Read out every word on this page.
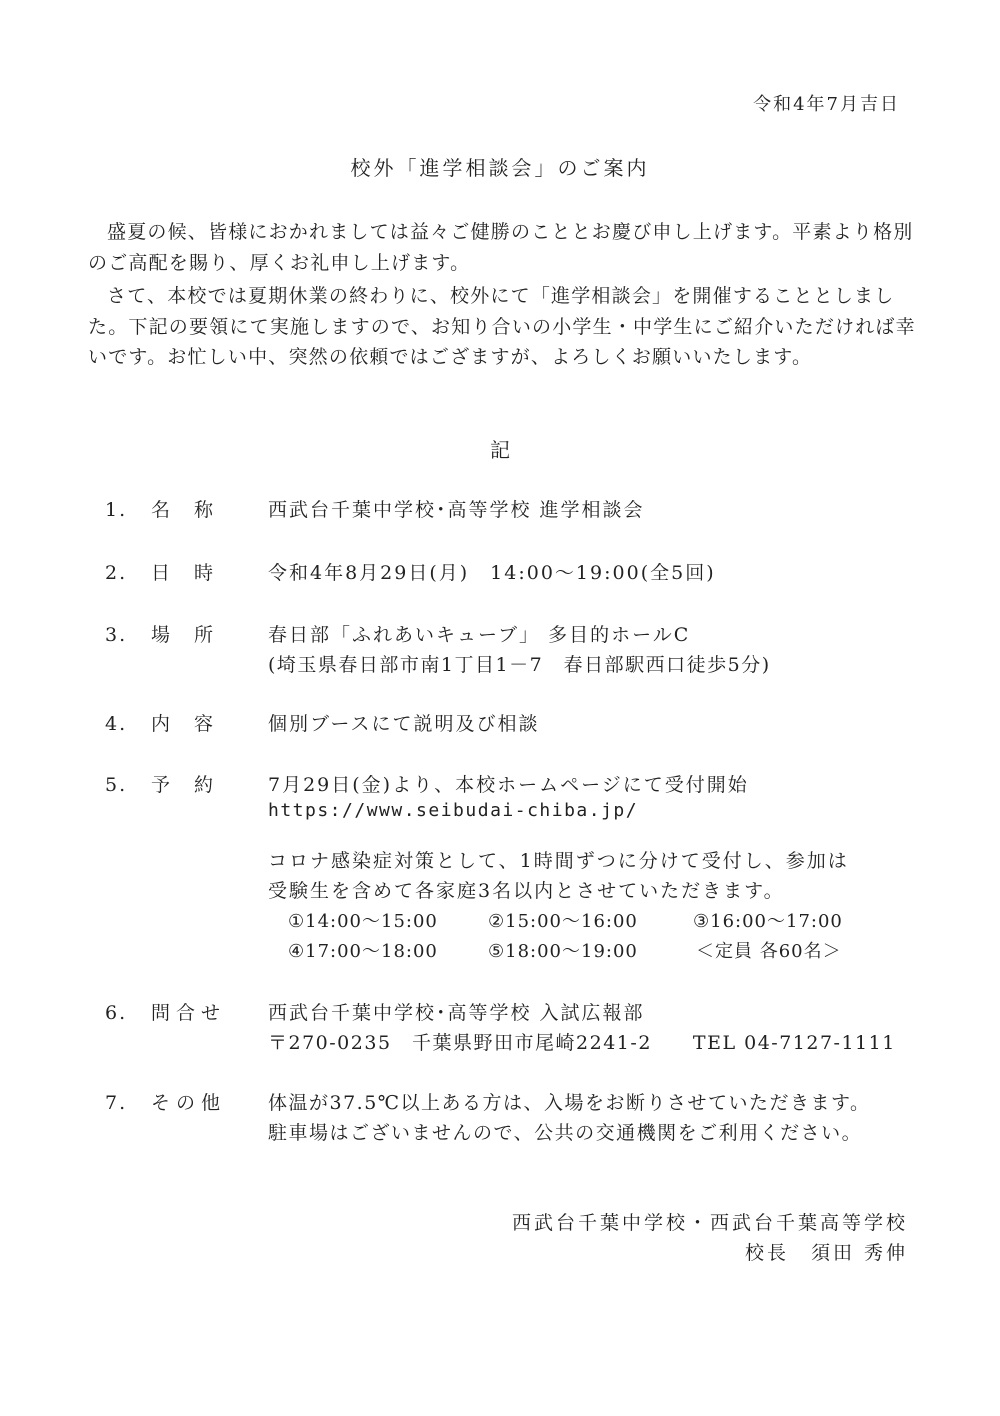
令和4年7月吉日
校外「進学相談会」のご案内
盛夏の候、皆様におかれましては益々ご健勝のこととお慶び申し上げます。平素より格別のご高配を賜り、厚くお礼申し上げます。
さて、本校では夏期休業の終わりに、校外にて「進学相談会」を開催することとしました。下記の要領にて実施しますので、お知り合いの小学生・中学生にご紹介いただければ幸いです。お忙しい中、突然の依頼ではござますが、よろしくお願いいたします。
記
1. 名称 西武台千葉中学校･高等学校 進学相談会
2. 日時 令和4年8月29日(月)　14:00～19:00(全5回)
3. 場所 春日部「ふれあいキューブ」 多目的ホールC
(埼玉県春日部市南1丁目1－7　春日部駅西口徒歩5分)
4. 内容 個別ブースにて説明及び相談
5. 予約 7月29日(金)より、本校ホームページにて受付開始
https://www.seibudai-chiba.jp/
コロナ感染症対策として、1時間ずつに分けて受付し、参加は
受験生を含めて各家庭3名以内とさせていただきます。
①14:00～15:00	②15:00～16:00	③16:00～17:00
④17:00～18:00	⑤18:00～19:00	＜定員 各60名＞
6. 問合せ 西武台千葉中学校･高等学校 入試広報部
〒270-0235　千葉県野田市尾崎2241-2　　TEL 04-7127-1111
7. その他 体温が37.5℃以上ある方は、入場をお断りさせていただきます。
駐車場はございませんので、公共の交通機関をご利用ください。
西武台千葉中学校・西武台千葉高等学校
校長　須田 秀伸
